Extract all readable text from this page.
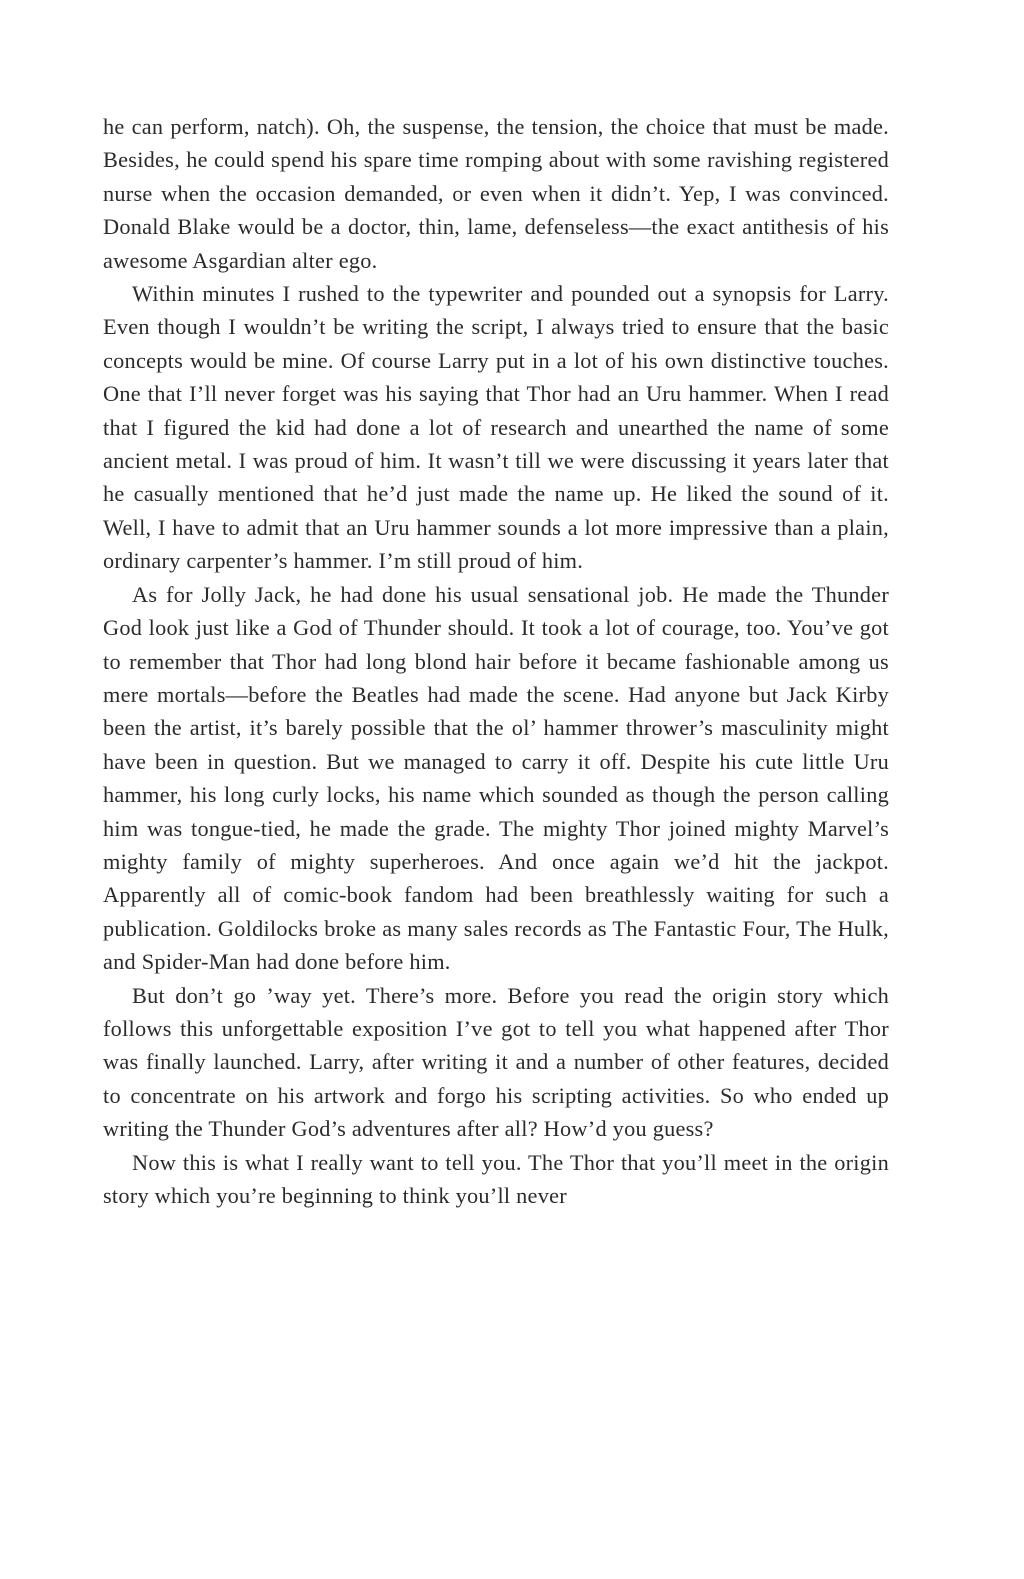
he can perform, natch). Oh, the suspense, the tension, the choice that must be made. Besides, he could spend his spare time romping about with some ravishing registered nurse when the occasion demanded, or even when it didn’t. Yep, I was convinced. Donald Blake would be a doctor, thin, lame, defenseless—the exact antithesis of his awesome Asgardian alter ego.

Within minutes I rushed to the typewriter and pounded out a synopsis for Larry. Even though I wouldn’t be writing the script, I always tried to ensure that the basic concepts would be mine. Of course Larry put in a lot of his own distinctive touches. One that I’ll never forget was his saying that Thor had an Uru hammer. When I read that I figured the kid had done a lot of research and unearthed the name of some ancient metal. I was proud of him. It wasn’t till we were discussing it years later that he casually mentioned that he’d just made the name up. He liked the sound of it. Well, I have to admit that an Uru hammer sounds a lot more impressive than a plain, ordinary carpenter’s hammer. I’m still proud of him.

As for Jolly Jack, he had done his usual sensational job. He made the Thunder God look just like a God of Thunder should. It took a lot of courage, too. You’ve got to remember that Thor had long blond hair before it became fashionable among us mere mortals—before the Beatles had made the scene. Had anyone but Jack Kirby been the artist, it’s barely possible that the ol’ hammer thrower’s masculinity might have been in question. But we managed to carry it off. Despite his cute little Uru hammer, his long curly locks, his name which sounded as though the person calling him was tongue-tied, he made the grade. The mighty Thor joined mighty Marvel’s mighty family of mighty superheroes. And once again we’d hit the jackpot. Apparently all of comic-book fandom had been breathlessly waiting for such a publication. Goldilocks broke as many sales records as The Fantastic Four, The Hulk, and Spider-Man had done before him.

But don’t go ’way yet. There’s more. Before you read the origin story which follows this unforgettable exposition I’ve got to tell you what happened after Thor was finally launched. Larry, after writing it and a number of other features, decided to concentrate on his artwork and forgo his scripting activities. So who ended up writing the Thunder God’s adventures after all? How’d you guess?

Now this is what I really want to tell you. The Thor that you’ll meet in the origin story which you’re beginning to think you’ll never
